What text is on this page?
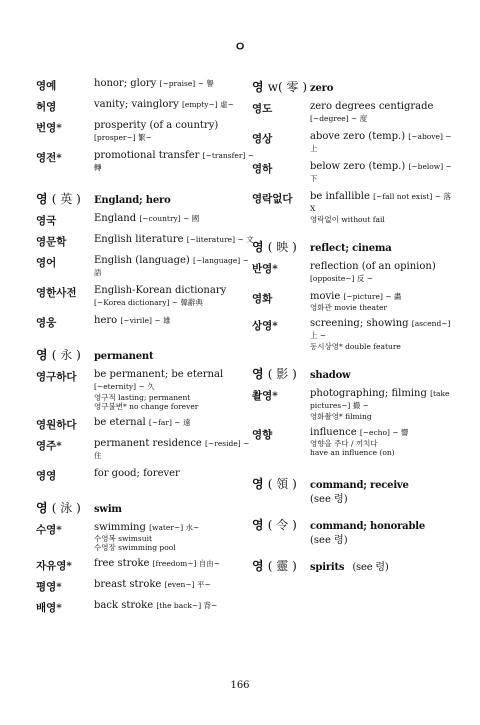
ㅇ
영예	honor; glory [~praise] ~ 譽
허영	vanity; vainglory [empty~] 虛~
번영*	prosperity (of a country) [prosper~] 繁~
영전*	promotional transfer [~transfer] ~ 轉
영 ( 英 )	England; hero
영국	England [~country] ~ 國
영문학	English literature [~literature] ~ 文
영어	English (language) [~language] ~ 語
영한사전	English-Korean dictionary [~Korea dictionary] ~ 韓辭典
영웅	hero [~virile] ~ 雄
영 ( 永 )	permanent
영구하다	be permanent; be eternal [~eternity] ~ 久
영구적 lasting; permanent
영구불변* no change forever
영원하다	be eternal [~far] ~ 遠
영주*	permanent residence [~reside] ~ 住
영영	for good; forever
영 ( 泳 )	swim
수영*	swimming [water~] 水~
수영복 swimsuit
수영장 swimming pool
자유영*	free stroke [freedom~] 自由~
평영*	breast stroke [even~] 平~
배영*	back stroke [the back~] 背~
영 w( 零 ) zero
영도	zero degrees centigrade [~degree] ~ 度
영상	above zero (temp.) [~above] ~ 上
영하	below zero (temp.) [~below] ~ 下
영락없다	be infallible [~fall not exist] ~ 落 X
영락없이 without fail
영 ( 映 )	reflect; cinema
반영*	reflection (of an opinion) [opposite~] 反 ~
영화	movie [~picture] ~ 畵
영화관 movie theater
상영*	screening; showing [ascend~] 上 ~
동시상영* double feature
영 ( 影 )	shadow
촬영*	photographing; filming [take pictures~] 撮 ~
영화촬영* filming
영향	influence [~echo] ~ 響
영향을 주다 / 끼치다
have an influence (on)
영 ( 領 )	command; receive
(see 령)
영 ( 令 )	command; honorable
(see 령)
영 ( 靈 )	spirits (see 령)
166
